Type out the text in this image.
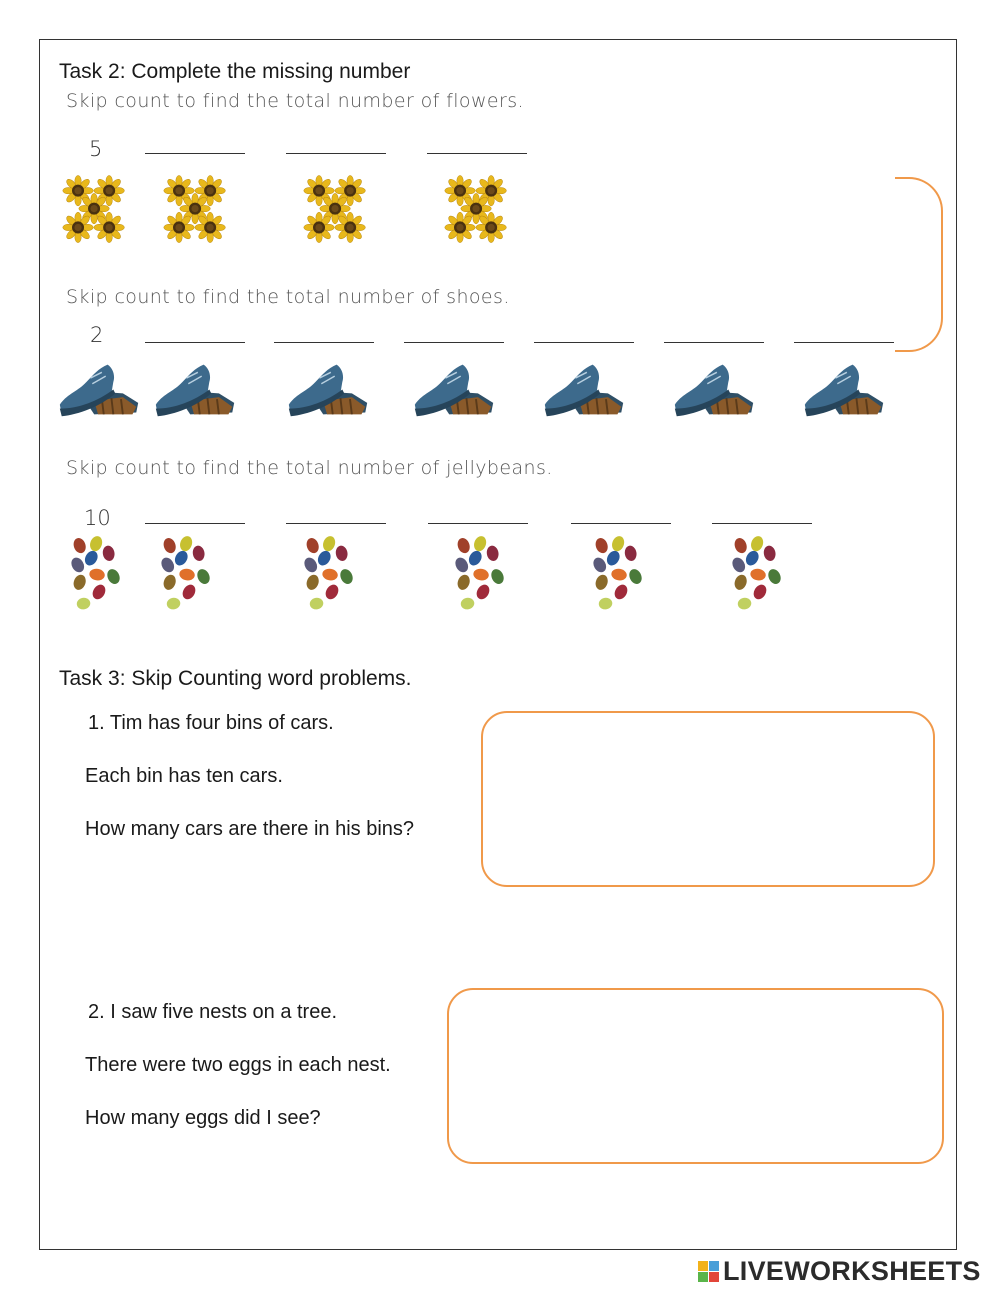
Task 2: Complete the missing number
Skip count to find the total number of flowers.
5
Skip count to find the total number of shoes.
2
Skip count to find the total number of jellybeans.
10
Task 3: Skip Counting word problems.
1. Tim has four bins of cars.
Each bin has ten cars.
How many cars are there in his bins?
2. I saw five nests on a tree.
There were two eggs in each nest.
How many eggs did I see?
LIVEWORKSHEETS
